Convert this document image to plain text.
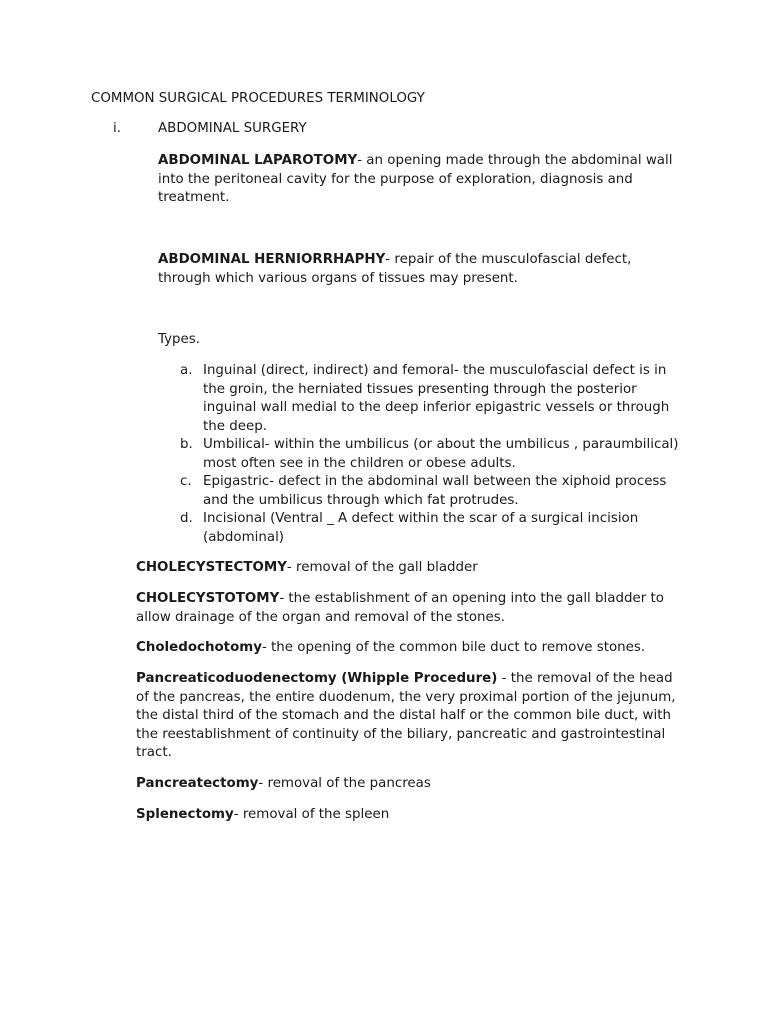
COMMON SURGICAL PROCEDURES TERMINOLOGY

i.	ABDOMINAL SURGERY

ABDOMINAL LAPAROTOMY- an opening made through the abdominal wall into the peritoneal cavity for the purpose of exploration, diagnosis and treatment.

ABDOMINAL HERNIORRHAPHY- repair of the musculofascial defect, through which various organs of tissues may present.

Types.

a. Inguinal (direct, indirect) and femoral- the musculofascial defect is in the groin, the herniated tissues presenting through the posterior inguinal wall medial to the deep inferior epigastric vessels or through the deep.
b. Umbilical- within the umbilicus (or about the umbilicus , paraumbilical) most often see in the children or obese adults.
c. Epigastric- defect in the abdominal wall between the xiphoid process and the umbilicus through which fat protrudes.
d. Incisional (Ventral _ A defect within the scar of a surgical incision (abdominal)

CHOLECYSTECTOMY- removal of the gall bladder

CHOLECYSTOTOMY- the establishment of an opening into the gall bladder to allow drainage of the organ and removal of the stones.

Choledochotomy- the opening of the common bile duct to remove stones.

Pancreaticoduodenectomy (Whipple Procedure) - the removal of the head of the pancreas, the entire duodenum, the very proximal portion of the jejunum, the distal third of the stomach and the distal half or the common bile duct, with the reestablishment of continuity of the biliary, pancreatic and gastrointestinal tract.

Pancreatectomy- removal of the pancreas

Splenectomy- removal of the spleen
